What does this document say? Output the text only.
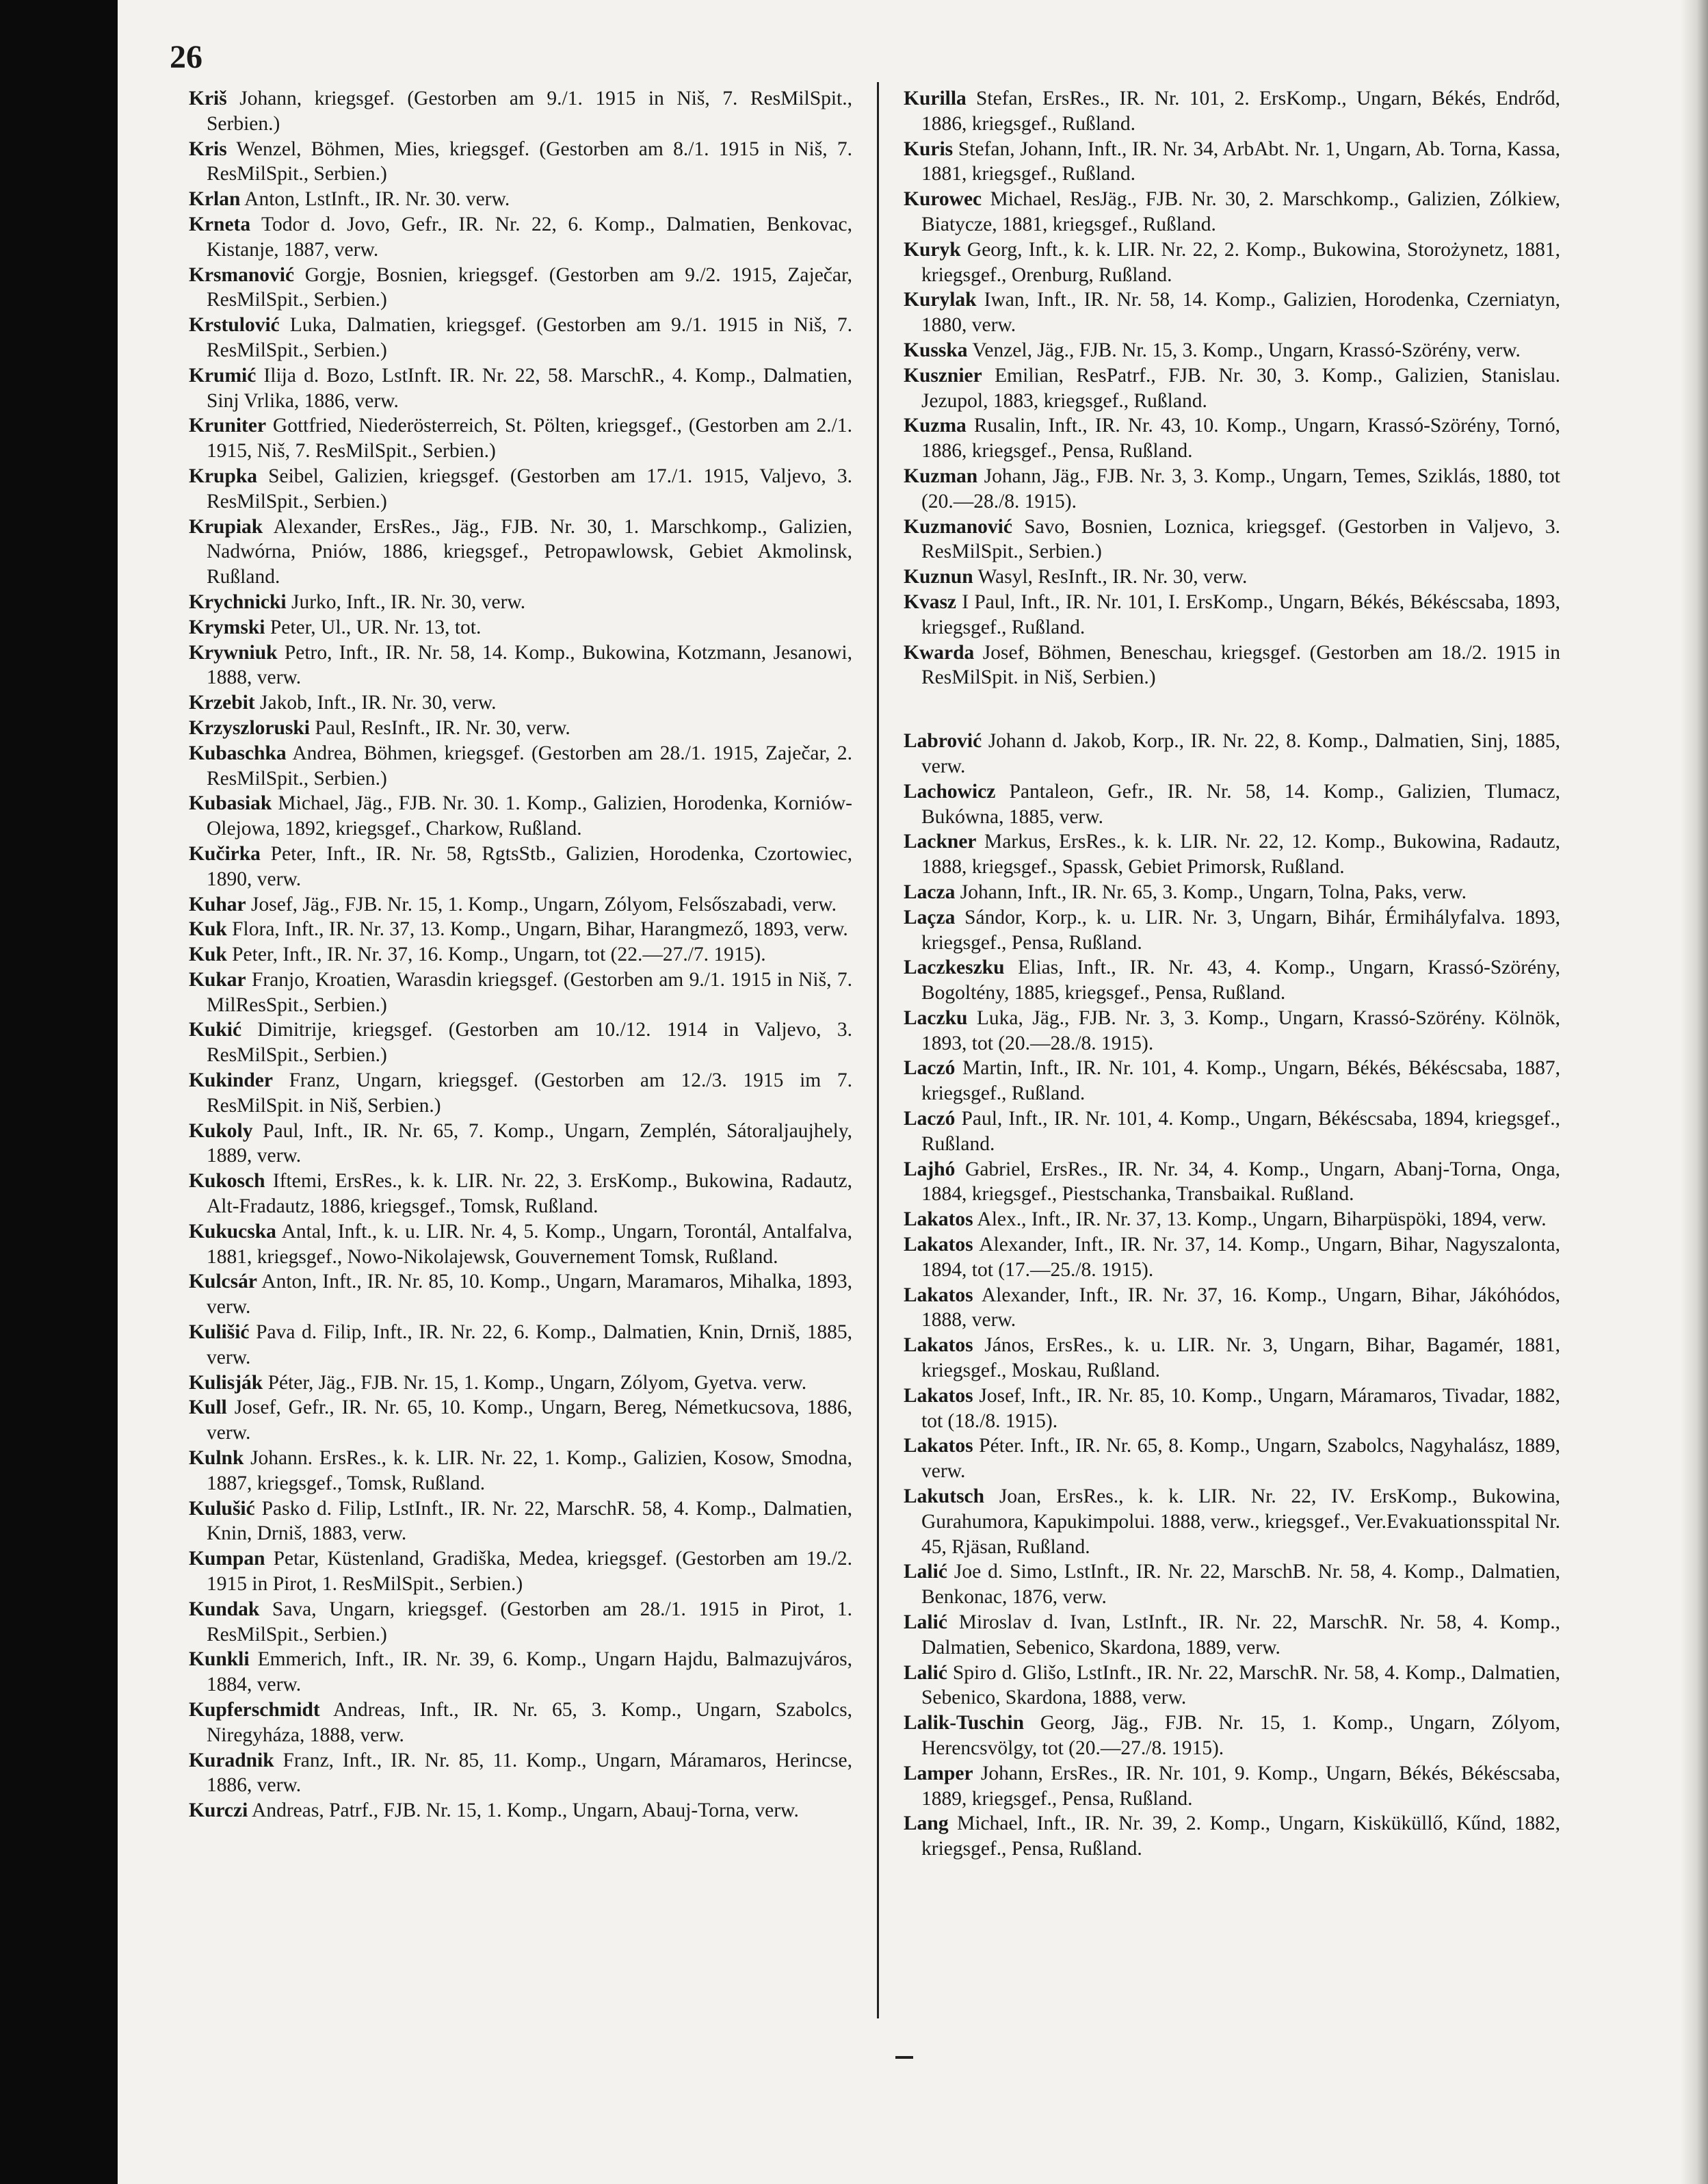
26
Kriš Johann, kriegsgef. (Gestorben am 9./1. 1915 in Niš, 7. ResMilSpit., Serbien.)
Kris Wenzel, Böhmen, Mies, kriegsgef. (Gestorben am 8./1. 1915 in Niš, 7. ResMilSpit., Serbien.)
Krlan Anton, LstInft., IR. Nr. 30. verw.
Krneta Todor d. Jovo, Gefr., IR. Nr. 22, 6. Komp., Dalmatien, Benkovac, Kistanje, 1887, verw.
Krsmanović Gorgje, Bosnien, kriegsgef. (Gestorben am 9./2. 1915, Zaječar, ResMilSpit., Serbien.)
Krstulović Luka, Dalmatien, kriegsgef. (Gestorben am 9./1. 1915 in Niš, 7. ResMilSpit., Serbien.)
Krumić Ilija d. Bozo, LstInft. IR. Nr. 22, 58. MarschR., 4. Komp., Dalmatien, Sinj Vrlika, 1886, verw.
Kruniter Gottfried, Niederösterreich, St. Pölten, kriegsgef., (Gestorben am 2./1. 1915, Niš, 7. ResMilSpit., Serbien.)
Krupka Seibel, Galizien, kriegsgef. (Gestorben am 17./1. 1915, Valjevo, 3. ResMilSpit., Serbien.)
Krupiak Alexander, ErsRes., Jäg., FJB. Nr. 30, 1. Marschkomp., Galizien, Nadwórna, Pniów, 1886, kriegsgef., Petropawlowsk, Gebiet Akmolinsk, Rußland.
Krychnicki Jurko, Inft., IR. Nr. 30, verw.
Krymski Peter, Ul., UR. Nr. 13, tot.
Krywniuk Petro, Inft., IR. Nr. 58, 14. Komp., Bukowina, Kotzmann, Jesanowi, 1888, verw.
Krzebit Jakob, Inft., IR. Nr. 30, verw.
Krzyszloruski Paul, ResInft., IR. Nr. 30, verw.
Kubaschka Andrea, Böhmen, kriegsgef. (Gestorben am 28./1. 1915, Zaječar, 2. ResMilSpit., Serbien.)
Kubasiak Michael, Jäg., FJB. Nr. 30. 1. Komp., Galizien, Horodenka, Korniów-Olejowa, 1892, kriegsgef., Charkow, Rußland.
Kučirka Peter, Inft., IR. Nr. 58, RgtsStb., Galizien, Horodenka, Czortowiec, 1890, verw.
Kuhar Josef, Jäg., FJB. Nr. 15, 1. Komp., Ungarn, Zólyom, Felsőszabadi, verw.
Kuk Flora, Inft., IR. Nr. 37, 13. Komp., Ungarn, Bihar, Harangmező, 1893, verw.
Kuk Peter, Inft., IR. Nr. 37, 16. Komp., Ungarn, tot (22.—27./7. 1915).
Kukar Franjo, Kroatien, Warasdin kriegsgef. (Gestorben am 9./1. 1915 in Niš, 7. MilResSpit., Serbien.)
Kukić Dimitrije, kriegsgef. (Gestorben am 10./12. 1914 in Valjevo, 3. ResMilSpit., Serbien.)
Kukinder Franz, Ungarn, kriegsgef. (Gestorben am 12./3. 1915 im 7. ResMilSpit. in Niš, Serbien.)
Kukoly Paul, Inft., IR. Nr. 65, 7. Komp., Ungarn, Zemplén, Sátoraljaujhely, 1889, verw.
Kukosch Iftemi, ErsRes., k. k. LIR. Nr. 22, 3. ErsKomp., Bukowina, Radautz, Alt-Fradautz, 1886, kriegsgef., Tomsk, Rußland.
Kukucska Antal, Inft., k. u. LIR. Nr. 4, 5. Komp., Ungarn, Torontál, Antalfalva, 1881, kriegsgef., Nowo-Nikolajewsk, Gouvernement Tomsk, Rußland.
Kulcsár Anton, Inft., IR. Nr. 85, 10. Komp., Ungarn, Maramaros, Mihalka, 1893, verw.
Kulišić Pava d. Filip, Inft., IR. Nr. 22, 6. Komp., Dalmatien, Knin, Drniš, 1885, verw.
Kulisják Péter, Jäg., FJB. Nr. 15, 1. Komp., Ungarn, Zólyom, Gyetva. verw.
Kull Josef, Gefr., IR. Nr. 65, 10. Komp., Ungarn, Bereg, Németkucsova, 1886, verw.
Kulnk Johann. ErsRes., k. k. LIR. Nr. 22, 1. Komp., Galizien, Kosow, Smodna, 1887, kriegsgef., Tomsk, Rußland.
Kulušić Pasko d. Filip, LstInft., IR. Nr. 22, MarschR. 58, 4. Komp., Dalmatien, Knin, Drniš, 1883, verw.
Kumpan Petar, Küstenland, Gradiška, Medea, kriegsgef. (Gestorben am 19./2. 1915 in Pirot, 1. ResMilSpit., Serbien.)
Kundak Sava, Ungarn, kriegsgef. (Gestorben am 28./1. 1915 in Pirot, 1. ResMilSpit., Serbien.)
Kunkli Emmerich, Inft., IR. Nr. 39, 6. Komp., Ungarn Hajdu, Balmazujváros, 1884, verw.
Kupferschmidt Andreas, Inft., IR. Nr. 65, 3. Komp., Ungarn, Szabolcs, Niregyháza, 1888, verw.
Kuradnik Franz, Inft., IR. Nr. 85, 11. Komp., Ungarn, Máramaros, Herincse, 1886, verw.
Kurczi Andreas, Patrf., FJB. Nr. 15, 1. Komp., Ungarn, Abauj-Torna, verw.
Kurilla Stefan, ErsRes., IR. Nr. 101, 2. ErsKomp., Ungarn, Békés, Endrőd, 1886, kriegsgef., Rußland.
Kuris Stefan, Johann, Inft., IR. Nr. 34, ArbAbt. Nr. 1, Ungarn, Ab. Torna, Kassa, 1881, kriegsgef., Rußland.
Kurowec Michael, ResJäg., FJB. Nr. 30, 2. Marschkomp., Galizien, Zólkiew, Biatycze, 1881, kriegsgef., Rußland.
Kuryk Georg, Inft., k. k. LIR. Nr. 22, 2. Komp., Bukowina, Storożynetz, 1881, kriegsgef., Orenburg, Rußland.
Kurylak Iwan, Inft., IR. Nr. 58, 14. Komp., Galizien, Horodenka, Czerniatyn, 1880, verw.
Kusska Venzel, Jäg., FJB. Nr. 15, 3. Komp., Ungarn, Krassó-Szörény, verw.
Kusznier Emilian, ResPatrf., FJB. Nr. 30, 3. Komp., Galizien, Stanislau. Jezupol, 1883, kriegsgef., Rußland.
Kuzma Rusalin, Inft., IR. Nr. 43, 10. Komp., Ungarn, Krassó-Szörény, Tornó, 1886, kriegsgef., Pensa, Rußland.
Kuzman Johann, Jäg., FJB. Nr. 3, 3. Komp., Ungarn, Temes, Sziklás, 1880, tot (20.—28./8. 1915).
Kuzmanović Savo, Bosnien, Loznica, kriegsgef. (Gestorben in Valjevo, 3. ResMilSpit., Serbien.)
Kuznun Wasyl, ResInft., IR. Nr. 30, verw.
Kvasz I Paul, Inft., IR. Nr. 101, I. ErsKomp., Ungarn, Békés, Békéscsaba, 1893, kriegsgef., Rußland.
Kwarda Josef, Böhmen, Beneschau, kriegsgef. (Gestorben am 18./2. 1915 in ResMilSpit. in Niš, Serbien.)
Labrović Johann d. Jakob, Korp., IR. Nr. 22, 8. Komp., Dalmatien, Sinj, 1885, verw.
Lachowicz Pantaleon, Gefr., IR. Nr. 58, 14. Komp., Galizien, Tlumacz, Bukówna, 1885, verw.
Lackner Markus, ErsRes., k. k. LIR. Nr. 22, 12. Komp., Bukowina, Radautz, 1888, kriegsgef., Spassk, Gebiet Primorsk, Rußland.
Lacza Johann, Inft., IR. Nr. 65, 3. Komp., Ungarn, Tolna, Paks, verw.
Laçza Sándor, Korp., k. u. LIR. Nr. 3, Ungarn, Bihár, Érmihályfalva. 1893, kriegsgef., Pensa, Rußland.
Laczkeszku Elias, Inft., IR. Nr. 43, 4. Komp., Ungarn, Krassó-Szörény, Bogoltény, 1885, kriegsgef., Pensa, Rußland.
Laczku Luka, Jäg., FJB. Nr. 3, 3. Komp., Ungarn, Krassó-Szörény. Kölnök, 1893, tot (20.—28./8. 1915).
Laczó Martin, Inft., IR. Nr. 101, 4. Komp., Ungarn, Békés, Békéscsaba, 1887, kriegsgef., Rußland.
Laczó Paul, Inft., IR. Nr. 101, 4. Komp., Ungarn, Békéscsaba, 1894, kriegsgef., Rußland.
Lajhó Gabriel, ErsRes., IR. Nr. 34, 4. Komp., Ungarn, Abanj-Torna, Onga, 1884, kriegsgef., Piestschanka, Transbaikal. Rußland.
Lakatos Alex., Inft., IR. Nr. 37, 13. Komp., Ungarn, Biharpüspöki, 1894, verw.
Lakatos Alexander, Inft., IR. Nr. 37, 14. Komp., Ungarn, Bihar, Nagyszalonta, 1894, tot (17.—25./8. 1915).
Lakatos Alexander, Inft., IR. Nr. 37, 16. Komp., Ungarn, Bihar, Jákóhódos, 1888, verw.
Lakatos János, ErsRes., k. u. LIR. Nr. 3, Ungarn, Bihar, Bagamér, 1881, kriegsgef., Moskau, Rußland.
Lakatos Josef, Inft., IR. Nr. 85, 10. Komp., Ungarn, Máramaros, Tivadar, 1882, tot (18./8. 1915).
Lakatos Péter. Inft., IR. Nr. 65, 8. Komp., Ungarn, Szabolcs, Nagyhalász, 1889, verw.
Lakutsch Joan, ErsRes., k. k. LIR. Nr. 22, IV. ErsKomp., Bukowina, Gurahumora, Kapukimpolui. 1888, verw., kriegsgef., Ver.Evakuationsspital Nr. 45, Rjäsan, Rußland.
Lalić Joe d. Simo, LstInft., IR. Nr. 22, MarschB. Nr. 58, 4. Komp., Dalmatien, Benkonac, 1876, verw.
Lalić Miroslav d. Ivan, LstInft., IR. Nr. 22, MarschR. Nr. 58, 4. Komp., Dalmatien, Sebenico, Skardona, 1889, verw.
Lalić Spiro d. Glišo, LstInft., IR. Nr. 22, MarschR. Nr. 58, 4. Komp., Dalmatien, Sebenico, Skardona, 1888, verw.
Lalik-Tuschin Georg, Jäg., FJB. Nr. 15, 1. Komp., Ungarn, Zólyom, Herencsvölgy, tot (20.—27./8. 1915).
Lamper Johann, ErsRes., IR. Nr. 101, 9. Komp., Ungarn, Békés, Békéscsaba, 1889, kriegsgef., Pensa, Rußland.
Lang Michael, Inft., IR. Nr. 39, 2. Komp., Ungarn, Kisküküllő, Kűnd, 1882, kriegsgef., Pensa, Rußland.
